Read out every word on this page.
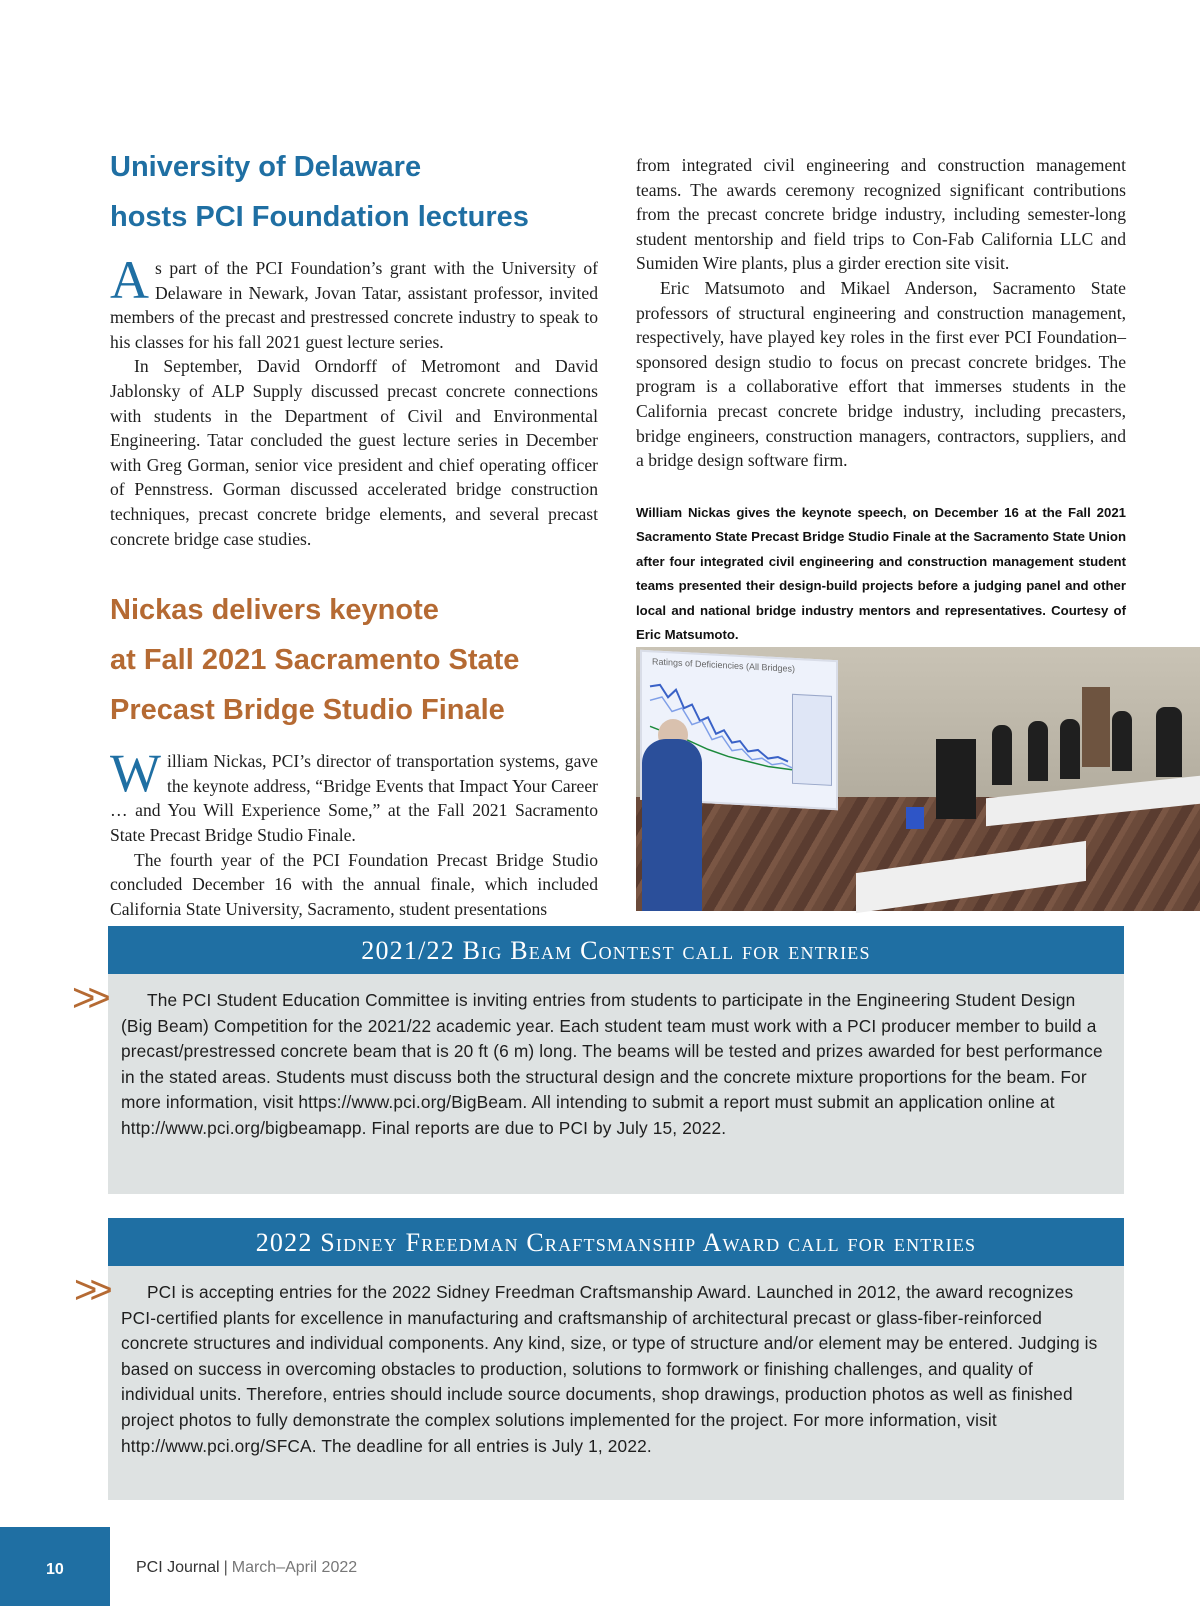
University of Delaware
hosts PCI Foundation lectures

As part of the PCI Foundation’s grant with the University of Delaware in Newark, Jovan Tatar, assistant professor, invited members of the precast and prestressed concrete industry to speak to his classes for his fall 2021 guest lecture series.

In September, David Orndorff of Metromont and David Jablonsky of ALP Supply discussed precast concrete connections with students in the Department of Civil and Environmental Engineering. Tatar concluded the guest lecture series in December with Greg Gorman, senior vice president and chief operating officer of Pennstress. Gorman discussed accelerated bridge construction techniques, precast concrete bridge elements, and several precast concrete bridge case studies.

Nickas delivers keynote
at Fall 2021 Sacramento State
Precast Bridge Studio Finale

William Nickas, PCI’s director of transportation systems, gave the keynote address, “Bridge Events that Impact Your Career … and You Will Experience Some,” at the Fall 2021 Sacramento State Precast Bridge Studio Finale.

The fourth year of the PCI Foundation Precast Bridge Studio concluded December 16 with the annual finale, which included California State University, Sacramento, student presentations

from integrated civil engineering and construction management teams. The awards ceremony recognized significant contributions from the precast concrete bridge industry, including semester-long student mentorship and field trips to Con-Fab California LLC and Sumiden Wire plants, plus a girder erection site visit.

Eric Matsumoto and Mikael Anderson, Sacramento State professors of structural engineering and construction management, respectively, have played key roles in the first ever PCI Foundation–sponsored design studio to focus on precast concrete bridges. The program is a collaborative effort that immerses students in the California precast concrete bridge industry, including precasters, bridge engineers, construction managers, contractors, suppliers, and a bridge design software firm.

William Nickas gives the keynote speech, on December 16 at the Fall 2021 Sacramento State Precast Bridge Studio Finale at the Sacramento State Union after four integrated civil engineering and construction management student teams presented their design-build projects before a judging panel and other local and national bridge industry mentors and representatives. Courtesy of Eric Matsumoto.

Ratings of Deficiencies (All Bridges)
2021/22 Big Beam Contest call for entries
>>	The PCI Student Education Committee is inviting entries from students to participate in the Engineering Student Design (Big Beam) Competition for the 2021/22 academic year. Each student team must work with a PCI producer member to build a precast/prestressed concrete beam that is 20 ft (6 m) long. The beams will be tested and prizes awarded for best performance in the stated areas. Students must discuss both the structural design and the concrete mixture proportions for the beam. For more information, visit https://www.pci.org/BigBeam. All intending to submit a report must submit an application online at http://www.pci.org/bigbeamapp. Final reports are due to PCI by July 15, 2022.
2022 Sidney Freedman Craftsmanship Award call for entries
>> PCI is accepting entries for the 2022 Sidney Freedman Craftsmanship Award. Launched in 2012, the award recognizes PCI-certified plants for excellence in manufacturing and craftsmanship of architectural precast or glass-fiber-reinforced concrete structures and individual components. Any kind, size, or type of structure and/or element may be entered. Judging is based on success in overcoming obstacles to production, solutions to formwork or finishing challenges, and quality of individual units. Therefore, entries should include source documents, shop drawings, production photos as well as finished project photos to fully demonstrate the complex solutions implemented for the project. For more information, visit http://www.pci.org/SFCA. The deadline for all entries is July 1, 2022.
10	PCI Journal | March–April 2022
